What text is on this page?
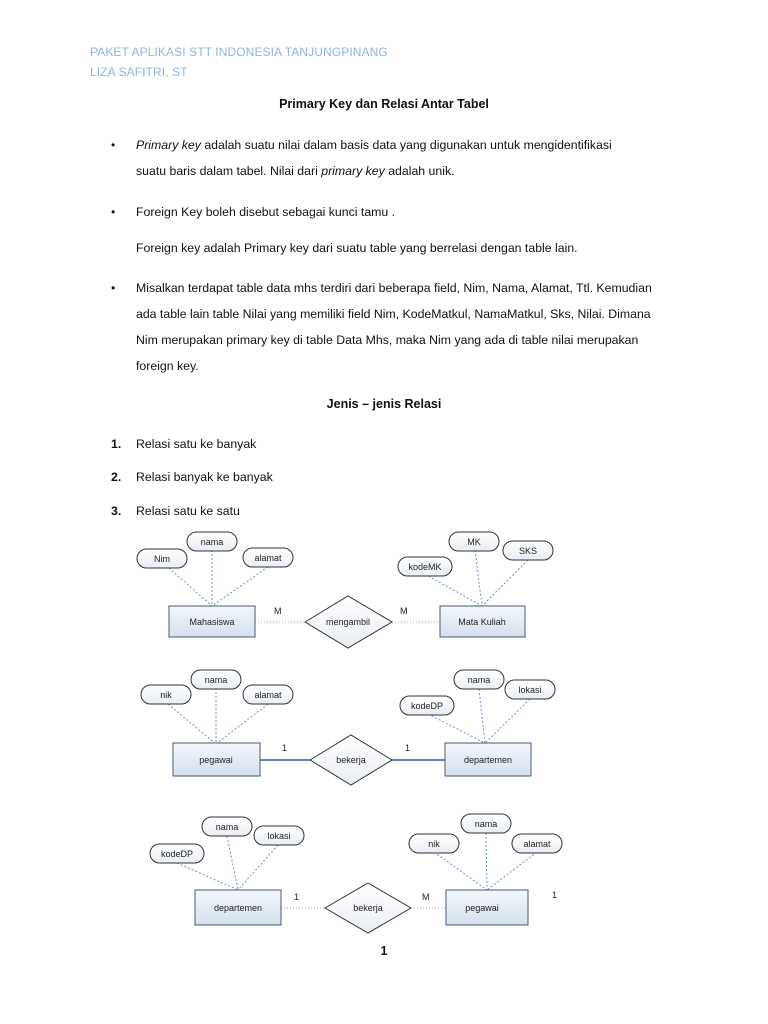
PAKET APLIKASI STT INDONESIA TANJUNGPINANG
LIZA SAFITRI, ST
Primary Key dan Relasi Antar Tabel
• Primary key adalah suatu nilai dalam basis data yang digunakan untuk mengidentifikasi
suatu baris dalam tabel. Nilai dari primary key adalah unik.
• Foreign Key boleh disebut sebagai kunci tamu .
Foreign key adalah Primary key dari suatu table yang berrelasi dengan table lain.
• Misalkan terdapat table data mhs terdiri dari beberapa field, Nim, Nama, Alamat, Ttl. Kemudian
ada table lain table Nilai yang memiliki field Nim, KodeMatkul, NamaMatkul, Sks, Nilai. Dimana
Nim merupakan primary key di table Data Mhs, maka Nim yang ada di table nilai merupakan
foreign key.
Jenis – jenis Relasi
1.	Relasi satu ke banyak
2.	Relasi banyak ke banyak
3.	Relasi satu ke satu
Mahasiswa
Nim
nama
alamat
mengambil
M	M
Mata Kuliah
kodeMK
MK
SKS
pegawai
nik
nama
alamat
bekerja
1	1
departemen
kodeDP
nama
lokasi
departemen
kodeDP
nama
lokasi
bekerja
1	M
pegawai
nik
nama
alamat
1
1
